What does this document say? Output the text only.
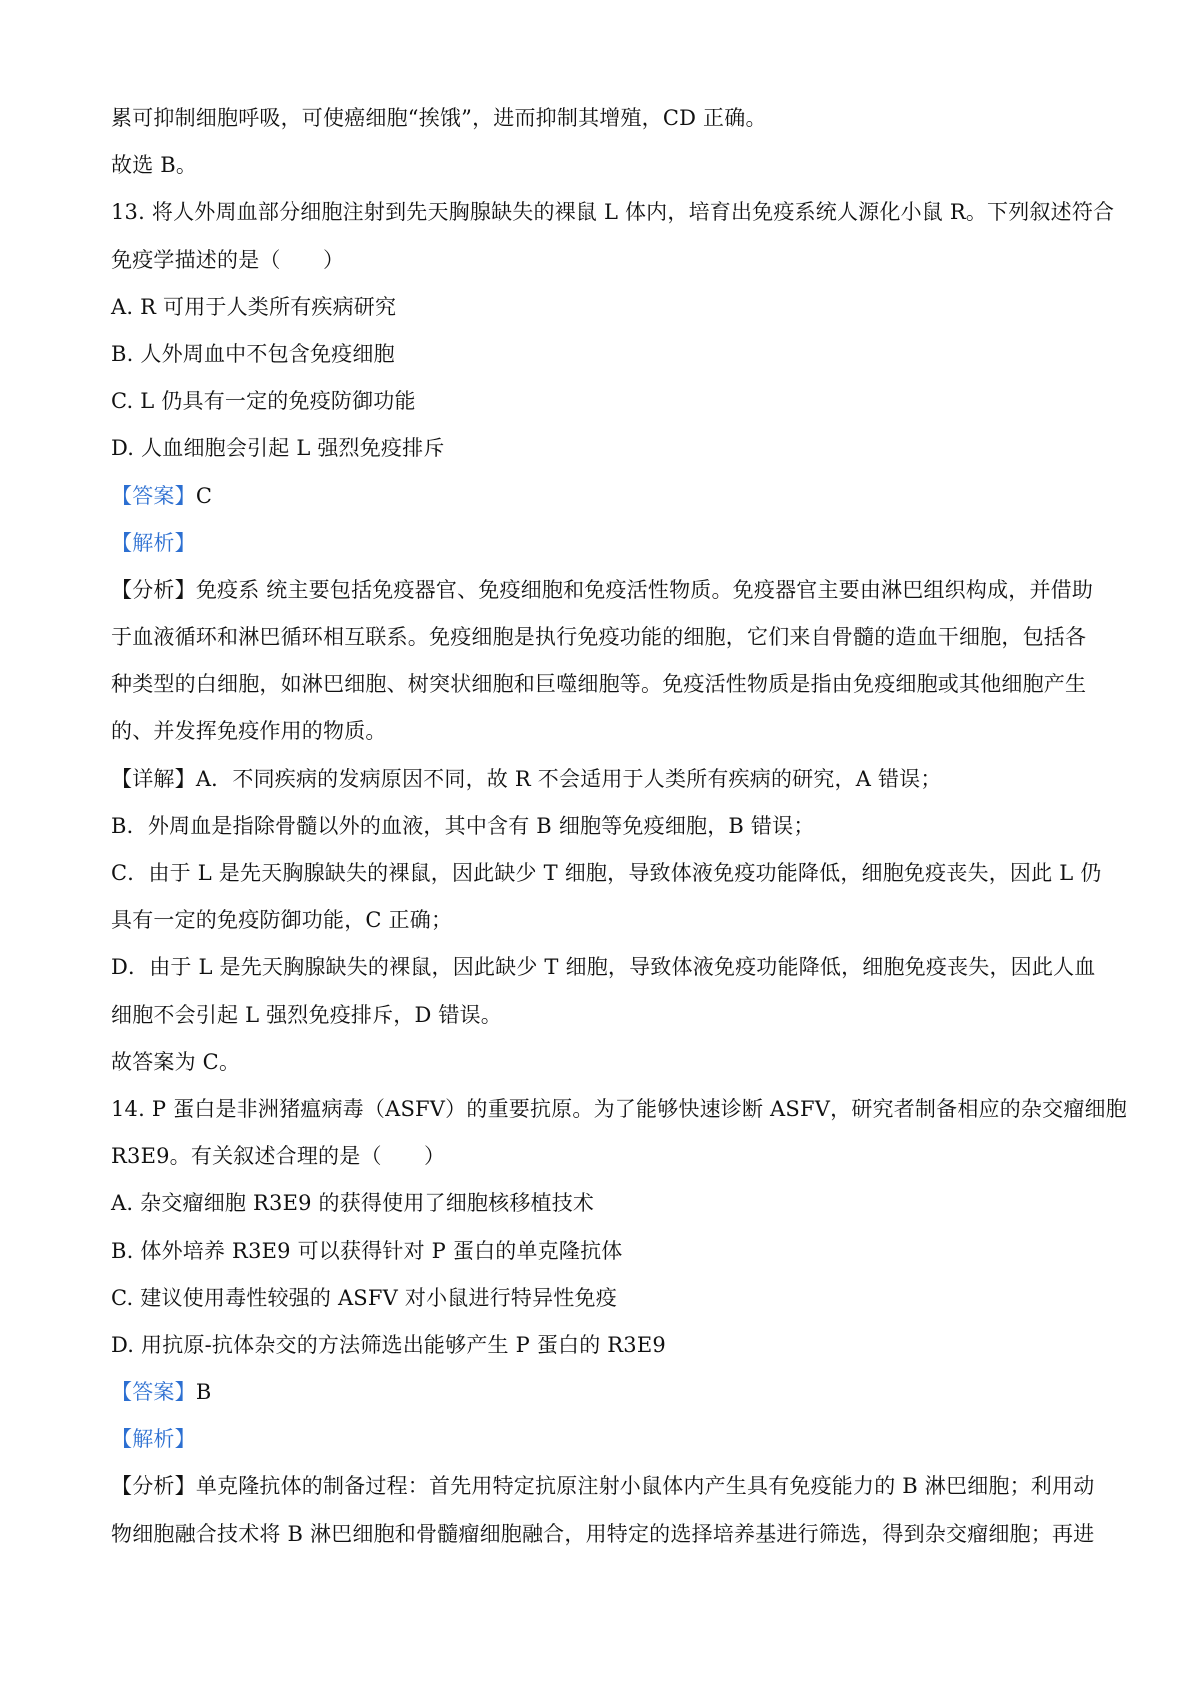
累可抑制细胞呼吸，可使癌细胞“挨饿”，进而抑制其增殖，CD 正确。
故选 B。
13. 将人外周血部分细胞注射到先天胸腺缺失的裸鼠 L 体内，培育出免疫系统人源化小鼠 R。下列叙述符合
免疫学描述的是（　　）
A. R 可用于人类所有疾病研究
B. 人外周血中不包含免疫细胞
C. L 仍具有一定的免疫防御功能
D. 人血细胞会引起 L 强烈免疫排斥
【答案】C
【解析】
【分析】免疫系 统主要包括免疫器官、免疫细胞和免疫活性物质。免疫器官主要由淋巴组织构成，并借助
于血液循环和淋巴循环相互联系。免疫细胞是执行免疫功能的细胞，它们来自骨髓的造血干细胞，包括各
种类型的白细胞，如淋巴细胞、树突状细胞和巨噬细胞等。免疫活性物质是指由免疫细胞或其他细胞产生
的、并发挥免疫作用的物质。
【详解】A．不同疾病的发病原因不同，故 R 不会适用于人类所有疾病的研究，A 错误；
B．外周血是指除骨髓以外的血液，其中含有 B 细胞等免疫细胞，B 错误；
C．由于 L 是先天胸腺缺失的裸鼠，因此缺少 T 细胞，导致体液免疫功能降低，细胞免疫丧失，因此 L 仍
具有一定的免疫防御功能，C 正确；
D．由于 L 是先天胸腺缺失的裸鼠，因此缺少 T 细胞，导致体液免疫功能降低，细胞免疫丧失，因此人血
细胞不会引起 L 强烈免疫排斥，D 错误。
故答案为 C。
14. P 蛋白是非洲猪瘟病毒（ASFV）的重要抗原。为了能够快速诊断 ASFV，研究者制备相应的杂交瘤细胞
R3E9。有关叙述合理的是（　　）
A. 杂交瘤细胞 R3E9 的获得使用了细胞核移植技术
B. 体外培养 R3E9 可以获得针对 P 蛋白的单克隆抗体
C. 建议使用毒性较强的 ASFV 对小鼠进行特异性免疫
D. 用抗原-抗体杂交的方法筛选出能够产生 P 蛋白的 R3E9
【答案】B
【解析】
【分析】单克隆抗体的制备过程：首先用特定抗原注射小鼠体内产生具有免疫能力的 B 淋巴细胞；利用动
物细胞融合技术将 B 淋巴细胞和骨髓瘤细胞融合，用特定的选择培养基进行筛选，得到杂交瘤细胞；再进
